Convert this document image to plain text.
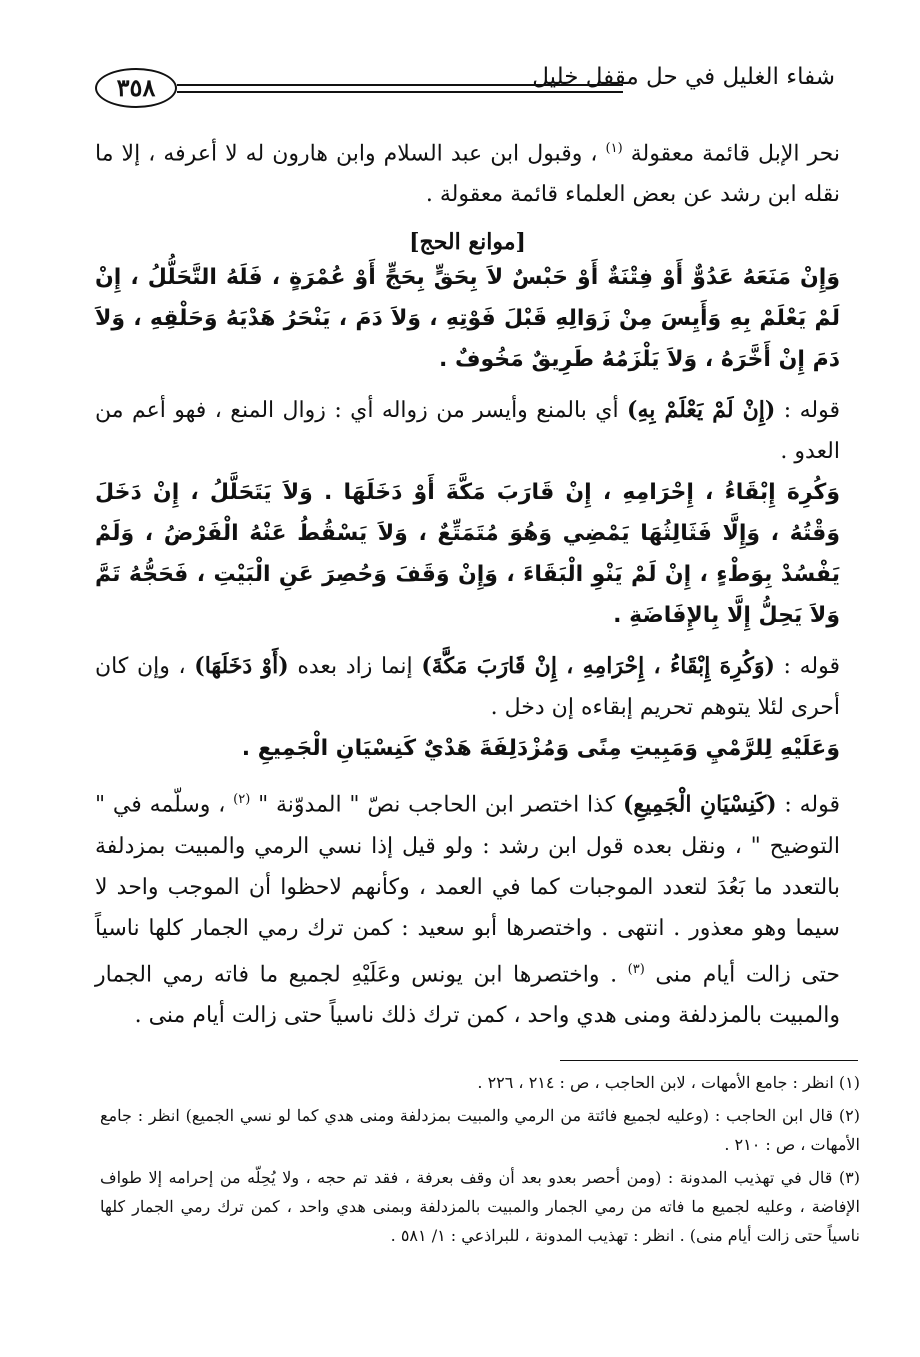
٣٥٨	شفاء الغليل في حل مقفل خليل

نحر الإبل قائمة معقولة $^{(١)}$ ، وقبول ابن عبد السلام وابن هارون له لا أعرفه ، إلا ما نقله ابن رشد عن بعض العلماء قائمة معقولة .

[موانع الحج]

وَإِنْ مَنَعَهُ عَدُوٌّ أَوْ فِتْنَةٌ أَوْ حَبْسٌ لاَ بِحَقٍّ بِحَجٍّ أَوْ عُمْرَةٍ ، فَلَهُ التَّحَلُّلُ ، إِنْ لَمْ يَعْلَمْ بِهِ وَأَيِسَ مِنْ زَوَالِهِ قَبْلَ فَوْتِهِ ، وَلاَ دَمَ ، يَنْحَرُ هَدْيَهُ وَحَلْقِهِ ، وَلاَ دَمَ إِنْ أَخَّرَهُ ، وَلاَ يَلْزَمُهُ طَرِيقٌ مَخُوفٌ .

قوله : (إِنْ لَمْ يَعْلَمْ بِهِ) أي بالمنع وأيسر من زواله أي : زوال المنع ، فهو أعم من العدو .

وَكُرِهَ إِبْقَاءُ ، إِحْرَامِهِ ، إِنْ قَارَبَ مَكَّةَ أَوْ دَخَلَهَا . وَلاَ يَتَحَلَّلُ ، إِنْ دَخَلَ وَقْتُهُ ، وَإِلَّا فَثَالِثُهَا يَمْضِي وَهُوَ مُتَمَتِّعٌ ، وَلاَ يَسْقُطُ عَنْهُ الْفَرْضُ ، وَلَمْ يَفْسُدْ بِوَطْءٍ ، إِنْ لَمْ يَنْوِ الْبَقَاءَ ، وَإِنْ وَقَفَ وَحُصِرَ عَنِ الْبَيْتِ ، فَحَجُّهُ تَمَّ وَلاَ يَحِلُّ إِلَّا بِالإِفَاضَةِ .

قوله : (وَكُرِهَ إِبْقَاءُ ، إِحْرَامِهِ ، إِنْ قَارَبَ مَكَّةَ) إنما زاد بعده (أَوْ دَخَلَهَا) ، وإن كان أحرى لئلا يتوهم تحريم إبقاءه إن دخل .

وَعَلَيْهِ لِلرَّمْيِ وَمَبِيتِ مِنًى وَمُزْدَلِفَةَ هَدْيٌ كَنِسْيَانِ الْجَمِيعِ .

قوله : (كَنِسْيَانِ الْجَمِيعِ) كذا اختصر ابن الحاجب نصّ " المدوّنة " $^{(٢)}$ ، وسلّمه في " التوضيح " ، ونقل بعده قول ابن رشد : ولو قيل إذا نسي الرمي والمبيت بمزدلفة بالتعدد ما بَعُدَ لتعدد الموجبات كما في العمد ، وكأنهم لاحظوا أن الموجب واحد لا سيما وهو معذور . انتهى . واختصرها أبو سعيد : كمن ترك رمي الجمار كلها ناسياً حتى زالت أيام منى $^{(٣)}$ . واختصرها ابن يونس وعَلَيْهِ لجميع ما فاته رمي الجمار والمبيت بالمزدلفة ومنى هدي واحد ، كمن ترك ذلك ناسياً حتى زالت أيام منى .

(١) انظر : جامع الأمهات ، لابن الحاجب ، ص : ٢١٤ ، ٢٢٦ .

(٢) قال ابن الحاجب : (وعليه لجميع فائتة من الرمي والمبيت بمزدلفة ومنى هدي كما لو نسي الجميع) انظر : جامع الأمهات ، ص : ٢١٠ .

(٣) قال في تهذيب المدونة : (ومن أحصر بعدو بعد أن وقف بعرفة ، فقد تم حجه ، ولا يُحِلّه من إحرامه إلا طواف الإفاضة ، وعليه لجميع ما فاته من رمي الجمار والمبيت بالمزدلفة وبمنى هدي واحد ، كمن ترك رمي الجمار كلها ناسياً حتى زالت أيام منى) . انظر : تهذيب المدونة ، للبراذعي : ١/ ٥٨١ .
